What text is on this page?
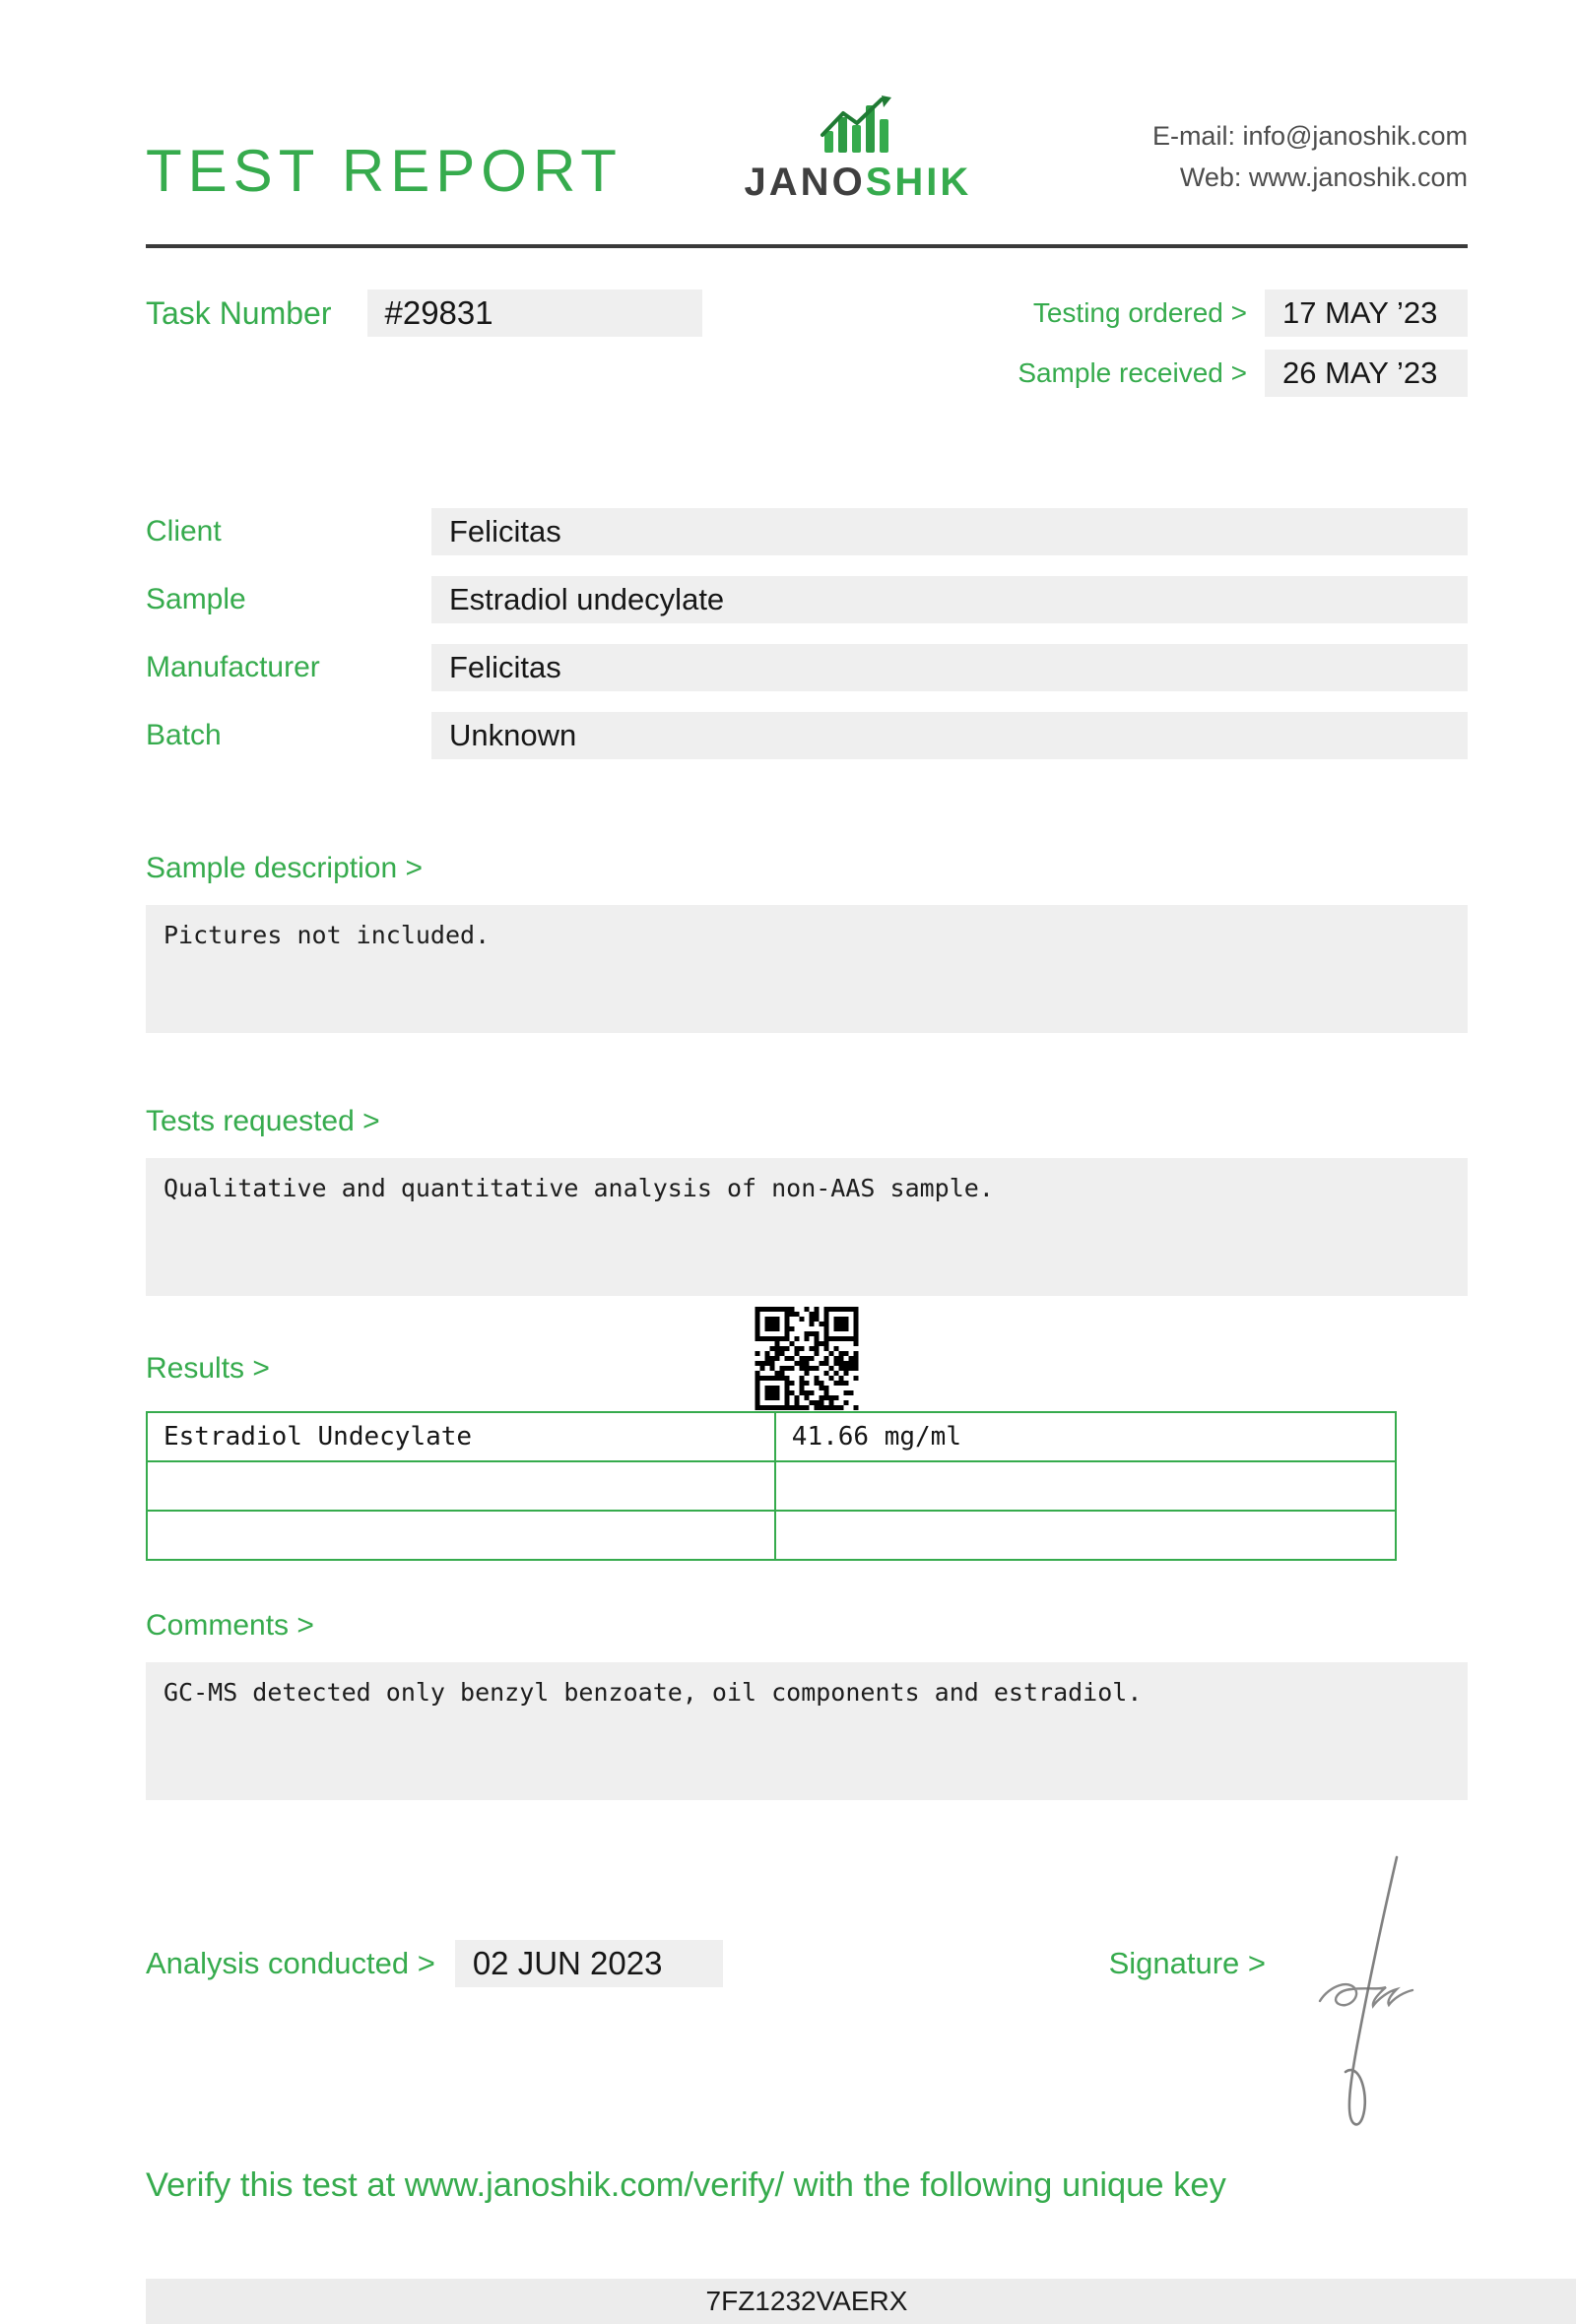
TEST REPORT	JANOSHIK
E-mail: info@janoshik.com
Web: www.janoshik.com
Task Number	#29831	Testing ordered >	17 MAY ’23
Sample received >	26 MAY ’23
Client	Felicitas
Sample	Estradiol undecylate
Manufacturer	Felicitas
Batch	Unknown
Sample description >

Pictures not included.

Tests requested >

Qualitative and quantitative analysis of non-AAS sample.

Results >
Estradiol Undecylate	41.66 mg/ml

Comments >

GC-MS detected only benzyl benzoate, oil components and estradiol.

Analysis conducted >	02 JUN 2023	Signature >
Verify this test at www.janoshik.com/verify/ with the following unique key
7FZ1232VAERX
